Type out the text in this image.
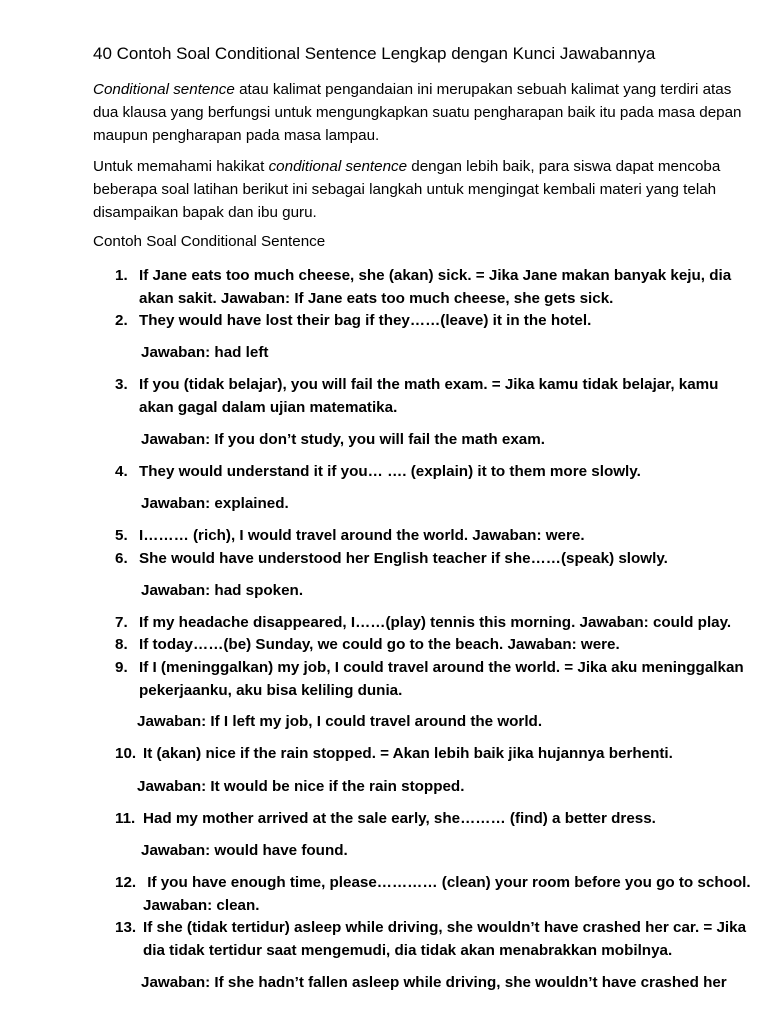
40 Contoh Soal Conditional Sentence Lengkap dengan Kunci Jawabannya

Conditional sentence atau kalimat pengandaian ini merupakan sebuah kalimat yang terdiri atas dua klausa yang berfungsi untuk mengungkapkan suatu pengharapan baik itu pada masa depan maupun pengharapan pada masa lampau.

Untuk memahami hakikat conditional sentence dengan lebih baik, para siswa dapat mencoba beberapa soal latihan berikut ini sebagai langkah untuk mengingat kembali materi yang telah disampaikan bapak dan ibu guru.

Contoh Soal Conditional Sentence
1. If Jane eats too much cheese, she (akan) sick. = Jika Jane makan banyak keju, dia akan sakit. Jawaban: If Jane eats too much cheese, she gets sick.
2. They would have lost their bag if they……(leave) it in the hotel.
Jawaban: had left
3. If you (tidak belajar), you will fail the math exam. = Jika kamu tidak belajar, kamu akan gagal dalam ujian matematika.
Jawaban: If you don’t study, you will fail the math exam.
4. They would understand it if you… …. (explain) it to them more slowly.
Jawaban: explained.
5. I……… (rich), I would travel around the world. Jawaban: were.
6. She would have understood her English teacher if she……(speak) slowly.
Jawaban: had spoken.
7. If my headache disappeared, I……(play) tennis this morning. Jawaban: could play.
8. If today……(be) Sunday, we could go to the beach. Jawaban: were.
9. If I (meninggalkan) my job, I could travel around the world. = Jika aku meninggalkan pekerjaanku, aku bisa keliling dunia.
Jawaban: If I left my job, I could travel around the world.
10. It (akan) nice if the rain stopped. = Akan lebih baik jika hujannya berhenti.
Jawaban: It would be nice if the rain stopped.
11. Had my mother arrived at the sale early, she……… (find) a better dress.
Jawaban: would have found.
12. If you have enough time, please………… (clean) your room before you go to school.    Jawaban: clean.
13. If she (tidak tertidur) asleep while driving, she wouldn’t have crashed her car. = Jika dia tidak tertidur saat mengemudi, dia tidak akan menabrakkan mobilnya.
Jawaban: If she hadn’t fallen asleep while driving, she wouldn’t have crashed her
